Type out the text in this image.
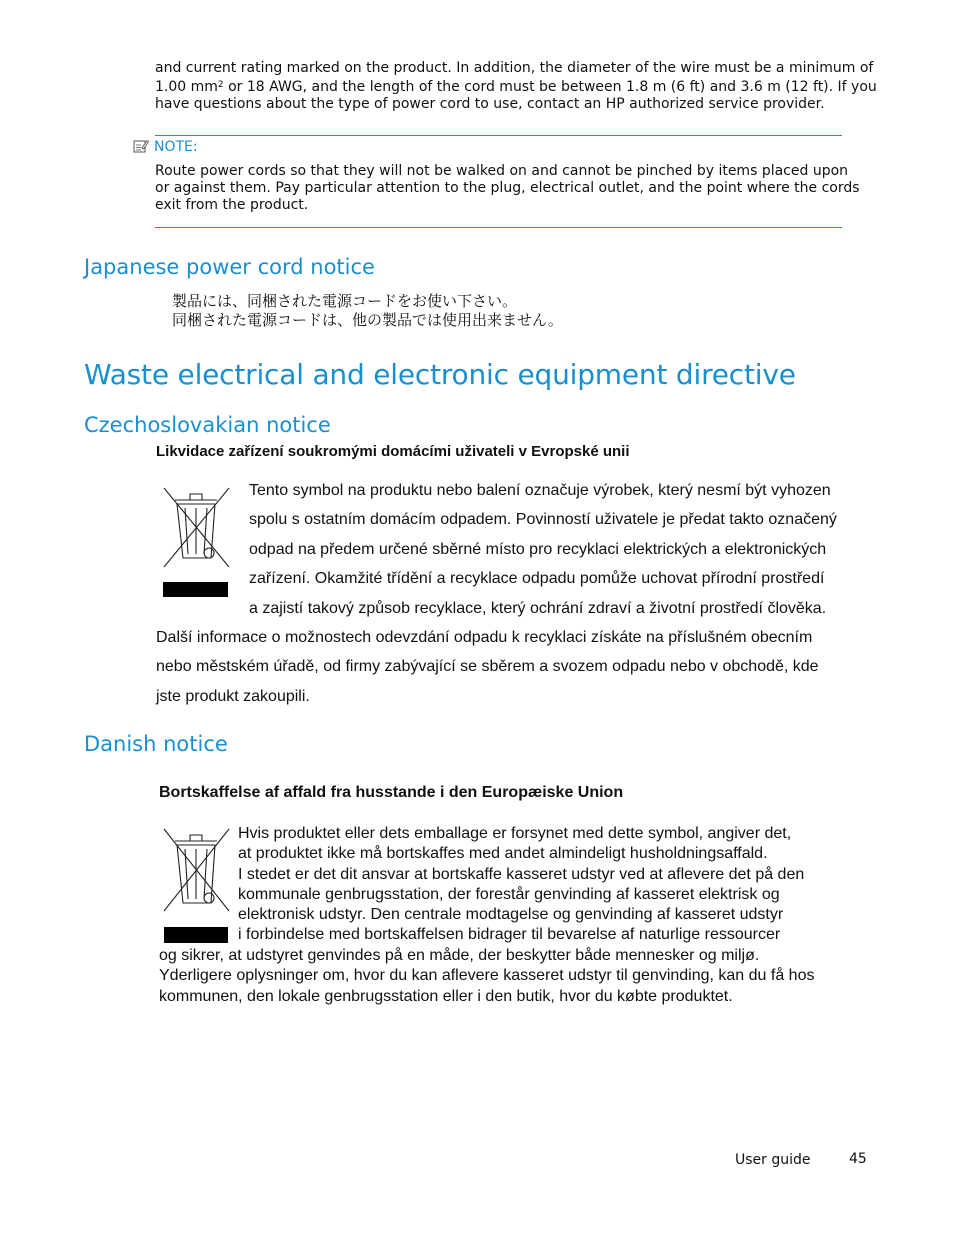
and current rating marked on the product. In addition, the diameter of the wire must be a minimum of
1.00 $mm^2$ or 18 AWG, and the length of the cord must be between 1.8 m (6 ft) and 3.6 m (12 ft). If you
have questions about the type of power cord to use, contact an HP authorized service provider.
NOTE:
Route power cords so that they will not be walked on and cannot be pinched by items placed upon
or against them. Pay particular attention to the plug, electrical outlet, and the point where the cords
exit from the product.
Japanese power cord notice
製品には、同梱された電源コードをお使い下さい。
同梱された電源コードは、他の製品では使用出来ません。
Waste electrical and electronic equipment directive
Czechoslovakian notice
Likvidace zařízení soukromými domácími uživateli v Evropské unii
Tento symbol na produktu nebo balení označuje výrobek, který nesmí být vyhozen
spolu s ostatním domácím odpadem. Povinností uživatele je předat takto označený
odpad na předem určené sběrné místo pro recyklaci elektrických a elektronických
zařízení. Okamžité třídění a recyklace odpadu pomůže uchovat přírodní prostředí
a zajistí takový způsob recyklace, který ochrání zdraví a životní prostředí člověka.
Další informace o možnostech odevzdání odpadu k recyklaci získáte na příslušném obecním
nebo městském úřadě, od firmy zabývající se sběrem a svozem odpadu nebo v obchodě, kde
jste produkt zakoupili.
Danish notice
Bortskaffelse af affald fra husstande i den Europæiske Union
Hvis produktet eller dets emballage er forsynet med dette symbol, angiver det,
at produktet ikke må bortskaffes med andet almindeligt husholdningsaffald.
I stedet er det dit ansvar at bortskaffe kasseret udstyr ved at aflevere det på den
kommunale genbrugsstation, der forestår genvinding af kasseret elektrisk og
elektronisk udstyr. Den centrale modtagelse og genvinding af kasseret udstyr
i forbindelse med bortskaffelsen bidrager til bevarelse af naturlige ressourcer
og sikrer, at udstyret genvindes på en måde, der beskytter både mennesker og miljø.
Yderligere oplysninger om, hvor du kan aflevere kasseret udstyr til genvinding, kan du få hos
kommunen, den lokale genbrugsstation eller i den butik, hvor du købte produktet.
User guide	45
